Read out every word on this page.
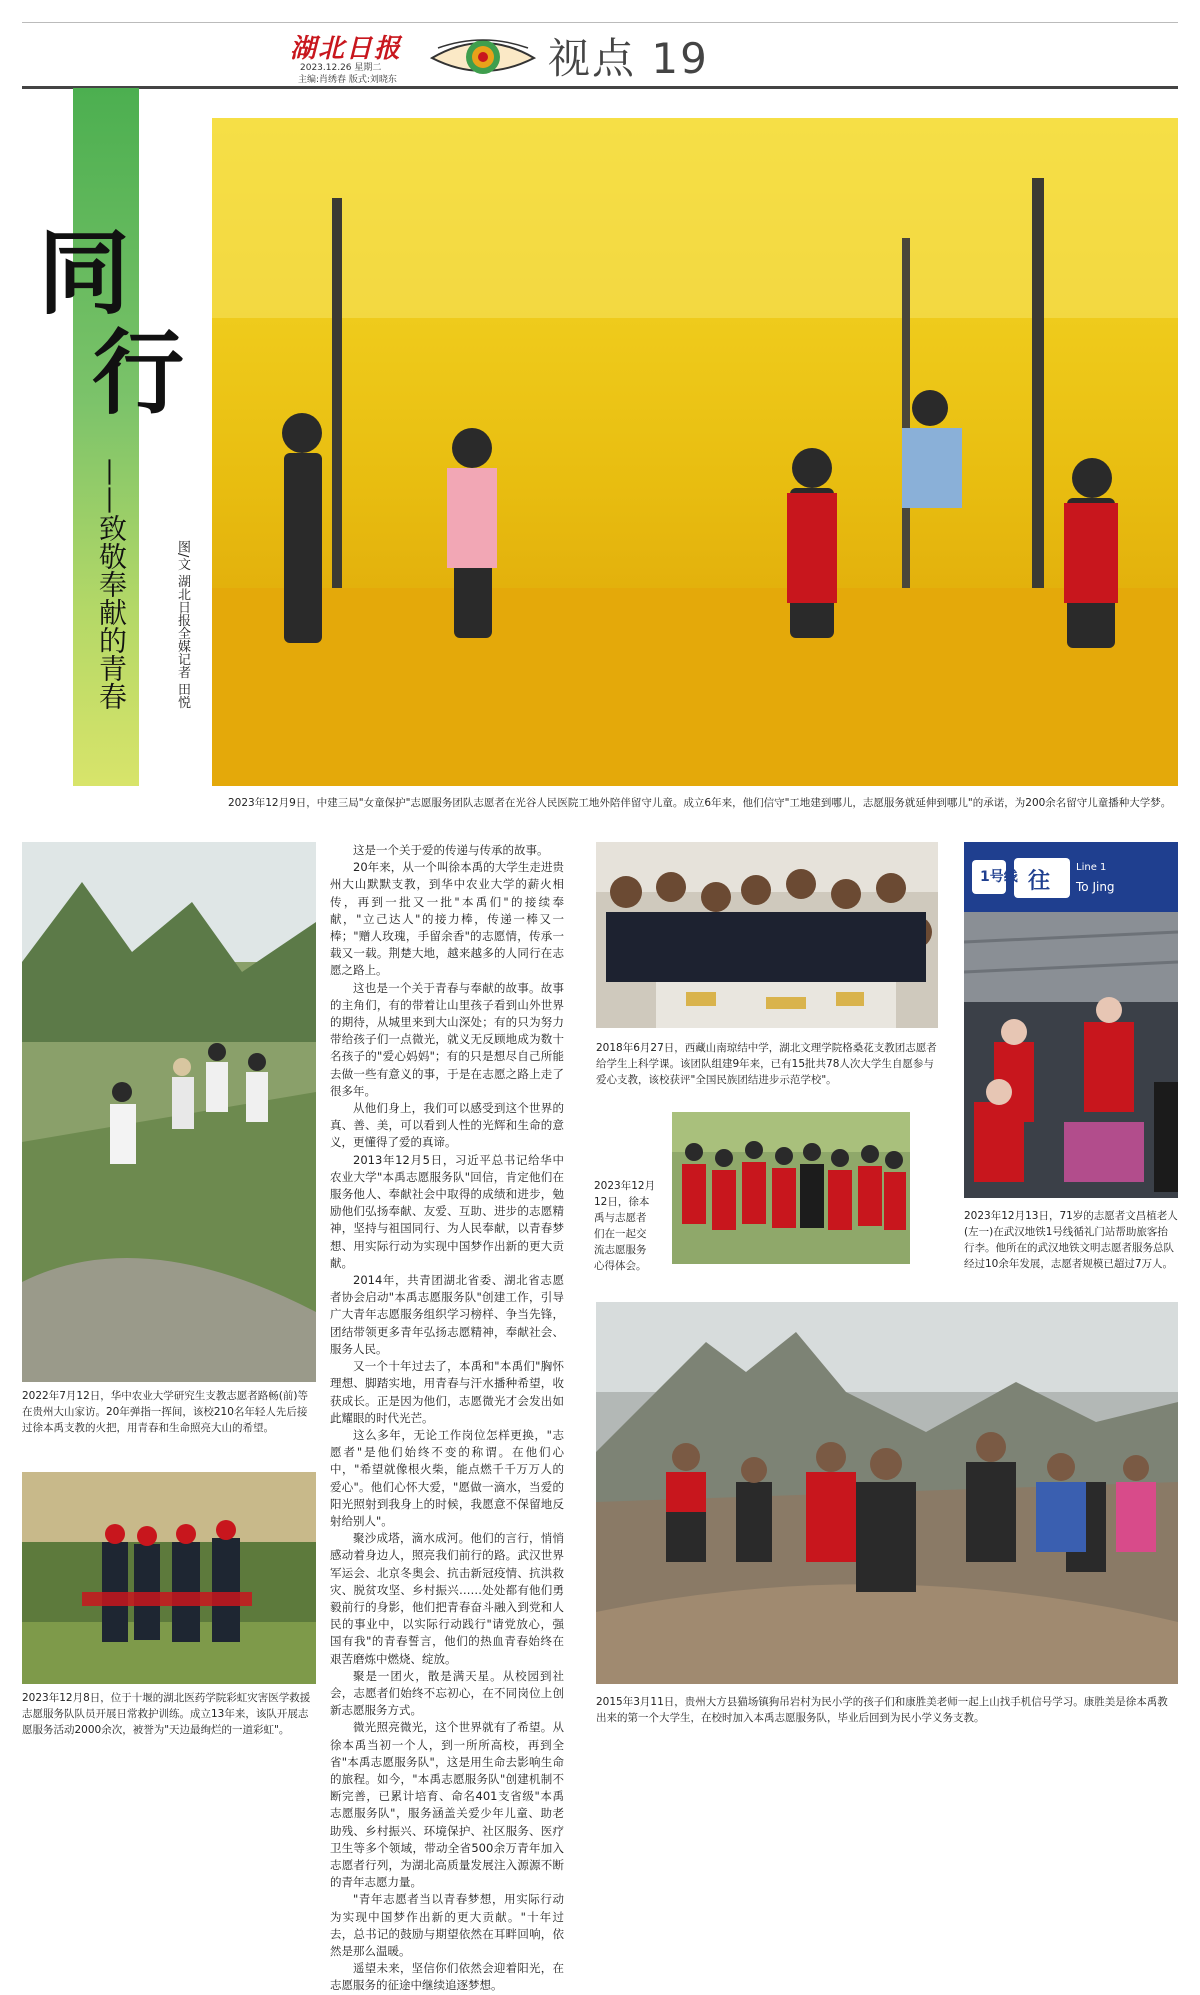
湖北日报
2023.12.26 星期二
主编:肖绣春 版式:刘晓东	视点 19
同
行
——致敬奉献的青春	图/文 湖北日报全媒记者 田悦
2023年12月9日，中建三局"女童保护"志愿服务团队志愿者在光谷人民医院工地外陪伴留守儿童。成立6年来，他们信守"工地建到哪儿，志愿服务就延伸到哪儿"的承诺，为200余名留守儿童播种大学梦。
2022年7月12日，华中农业大学研究生支教志愿者路畅(前)等在贵州大山家访。20年弹指一挥间，该校210名年轻人先后接过徐本禹支教的火把，用青春和生命照亮大山的希望。
2023年12月8日，位于十堰的湖北医药学院彩虹灾害医学救援志愿服务队队员开展日常救护训练。成立13年来，该队开展志愿服务活动2000余次，被誉为"天边最绚烂的一道彩虹"。

这是一个关于爱的传递与传承的故事。

20年来，从一个叫徐本禹的大学生走进贵州大山默默支教，到华中农业大学的薪火相传，再到一批又一批"本禹们"的接续奉献，"立己达人"的接力棒，传递一棒又一棒；"赠人玫瑰，手留余香"的志愿情，传承一载又一载。荆楚大地，越来越多的人同行在志愿之路上。

这也是一个关于青春与奉献的故事。故事的主角们，有的带着让山里孩子看到山外世界的期待，从城里来到大山深处；有的只为努力带给孩子们一点微光，就义无反顾地成为数十名孩子的"爱心妈妈"；有的只是想尽自己所能去做一些有意义的事，于是在志愿之路上走了很多年。

从他们身上，我们可以感受到这个世界的真、善、美，可以看到人性的光辉和生命的意义，更懂得了爱的真谛。

2013年12月5日，习近平总书记给华中农业大学"本禹志愿服务队"回信，肯定他们在服务他人、奉献社会中取得的成绩和进步，勉励他们弘扬奉献、友爱、互助、进步的志愿精神，坚持与祖国同行、为人民奉献，以青春梦想、用实际行动为实现中国梦作出新的更大贡献。

2014年，共青团湖北省委、湖北省志愿者协会启动"本禹志愿服务队"创建工作，引导广大青年志愿服务组织学习榜样、争当先锋，团结带领更多青年弘扬志愿精神，奉献社会、服务人民。

又一个十年过去了，本禹和"本禹们"胸怀理想、脚踏实地，用青春与汗水播种希望，收获成长。正是因为他们，志愿微光才会发出如此耀眼的时代光芒。

这么多年，无论工作岗位怎样更换，"志愿者"是他们始终不变的称谓。在他们心中，"希望就像根火柴，能点燃千千万万人的爱心"。他们心怀大爱，"愿做一滴水，当爱的阳光照射到我身上的时候，我愿意不保留地反射给别人"。

聚沙成塔，滴水成河。他们的言行，悄悄感动着身边人，照亮我们前行的路。武汉世界军运会、北京冬奥会、抗击新冠疫情、抗洪救灾、脱贫攻坚、乡村振兴……处处都有他们勇毅前行的身影，他们把青春奋斗融入到党和人民的事业中，以实际行动践行"请党放心，强国有我"的青春誓言，他们的热血青春始终在艰苦磨炼中燃烧、绽放。

聚是一团火，散是满天星。从校园到社会，志愿者们始终不忘初心，在不同岗位上创新志愿服务方式。

微光照亮微光，这个世界就有了希望。从徐本禹当初一个人，到一所所高校，再到全省"本禹志愿服务队"，这是用生命去影响生命的旅程。如今，"本禹志愿服务队"创建机制不断完善，已累计培育、命名401支省级"本禹志愿服务队"，服务涵盖关爱少年儿童、助老助残、乡村振兴、环境保护、社区服务、医疗卫生等多个领域，带动全省500余万青年加入志愿者行列，为湖北高质量发展注入源源不断的青年志愿力量。

"青年志愿者当以青春梦想，用实际行动为实现中国梦作出新的更大贡献。"十年过去，总书记的鼓励与期望依然在耳畔回响，依然是那么温暖。

遥望未来，坚信你们依然会迎着阳光，在志愿服务的征途中继续追逐梦想。

2018年6月27日，西藏山南琼结中学，湖北文理学院格桑花支教团志愿者给学生上科学课。该团队组建9年来，已有15批共78人次大学生自愿参与爱心支教，该校获评"全国民族团结进步示范学校"。
2023年12月12日，徐本禹与志愿者们在一起交流志愿服务心得体会。
1号线 往
Line 1
To Jing
2023年12月13日，71岁的志愿者文昌植老人(左一)在武汉地铁1号线循礼门站帮助旅客抬行李。他所在的武汉地铁文明志愿者服务总队经过10余年发展，志愿者规模已超过7万人。
2015年3月11日，贵州大方县猫场镇狗吊岩村为民小学的孩子们和康胜美老师一起上山找手机信号学习。康胜美是徐本禹教出来的第一个大学生，在校时加入本禹志愿服务队，毕业后回到为民小学义务支教。
